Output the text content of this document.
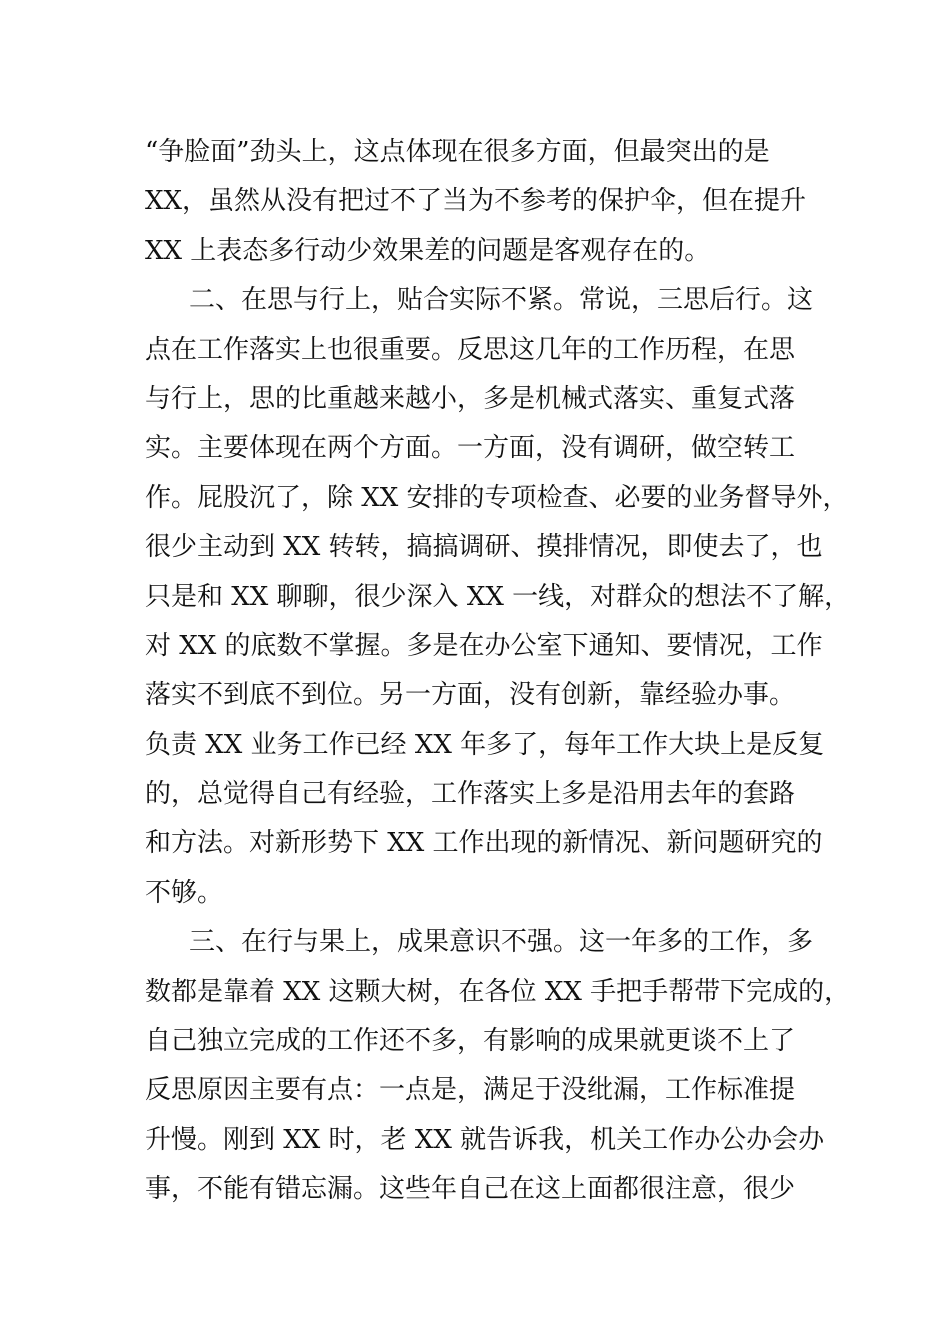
“争脸面”劲头上，这点体现在很多方面，但最突出的是
XX，虽然从没有把过不了当为不参考的保护伞，但在提升
XX 上表态多行动少效果差的问题是客观存在的。
二、在思与行上，贴合实际不紧。常说，三思后行。这
点在工作落实上也很重要。反思这几年的工作历程，在思
与行上，思的比重越来越小，多是机械式落实、重复式落
实。主要体现在两个方面。一方面，没有调研，做空转工
作。屁股沉了，除 XX 安排的专项检查、必要的业务督导外，
很少主动到 XX 转转，搞搞调研、摸排情况，即使去了，也
只是和 XX 聊聊，很少深入 XX 一线，对群众的想法不了解，
对 XX 的底数不掌握。多是在办公室下通知、要情况，工作
落实不到底不到位。另一方面，没有创新，靠经验办事。
负责 XX 业务工作已经 XX 年多了，每年工作大块上是反复
的，总觉得自己有经验，工作落实上多是沿用去年的套路
和方法。对新形势下 XX 工作出现的新情况、新问题研究的
不够。
三、在行与果上，成果意识不强。这一年多的工作，多
数都是靠着 XX 这颗大树，在各位 XX 手把手帮带下完成的，
自己独立完成的工作还不多，有影响的成果就更谈不上了
反思原因主要有点：一点是，满足于没纰漏，工作标准提
升慢。刚到 XX 时，老 XX 就告诉我，机关工作办公办会办
事，不能有错忘漏。这些年自己在这上面都很注意，很少
